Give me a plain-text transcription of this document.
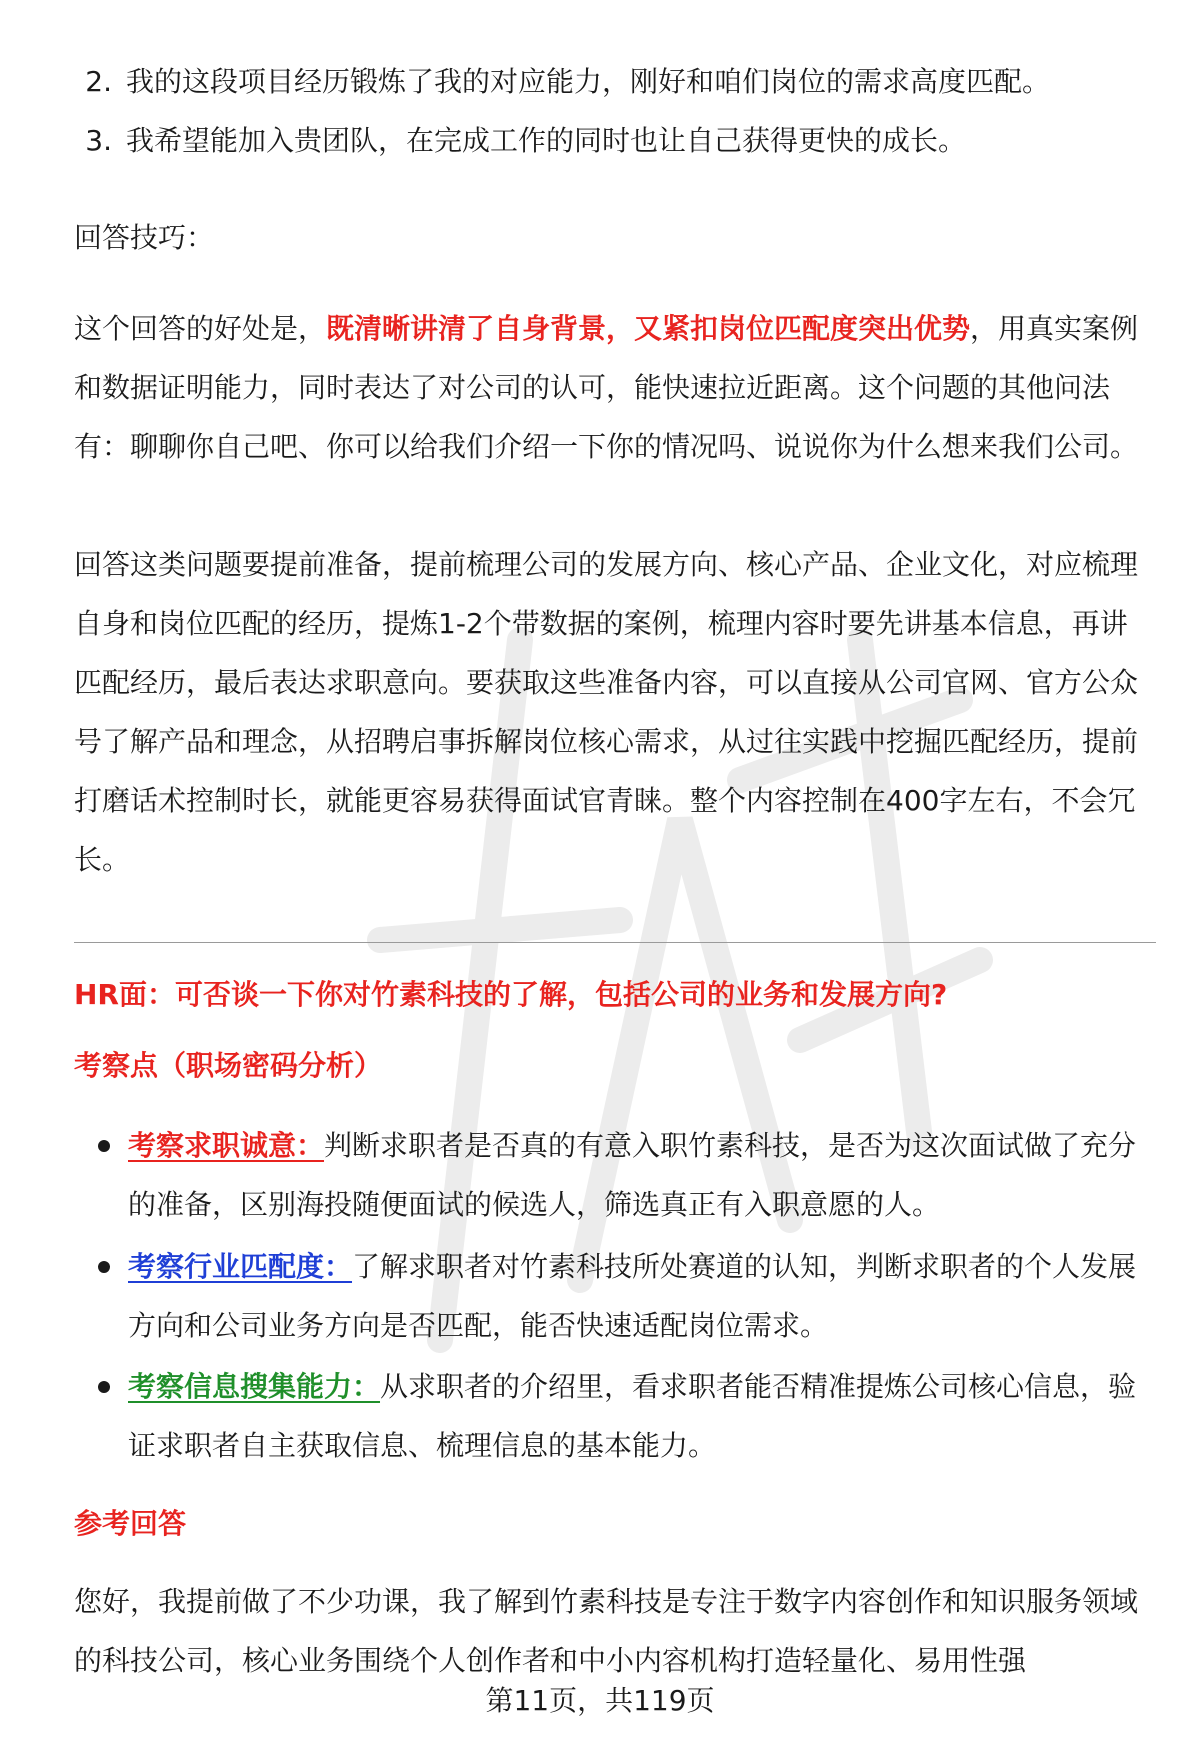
2. 我的这段项目经历锻炼了我的对应能力，刚好和咱们岗位的需求高度匹配。
3. 我希望能加入贵团队，在完成工作的同时也让自己获得更快的成长。

回答技巧：

这个回答的好处是，既清晰讲清了自身背景，又紧扣岗位匹配度突出优势，用真实案例和数据证明能力，同时表达了对公司的认可，能快速拉近距离。这个问题的其他问法有：聊聊你自己吧、你可以给我们介绍一下你的情况吗、说说你为什么想来我们公司。

回答这类问题要提前准备，提前梳理公司的发展方向、核心产品、企业文化，对应梳理自身和岗位匹配的经历，提炼1-2个带数据的案例，梳理内容时要先讲基本信息，再讲匹配经历，最后表达求职意向。要获取这些准备内容，可以直接从公司官网、官方公众号了解产品和理念，从招聘启事拆解岗位核心需求，从过往实践中挖掘匹配经历，提前打磨话术控制时长，就能更容易获得面试官青睐。整个内容控制在400字左右，不会冗长。

HR面：可否谈一下你对竹素科技的了解，包括公司的业务和发展方向?

考察点（职场密码分析）

考察求职诚意：判断求职者是否真的有意入职竹素科技，是否为这次面试做了充分的准备，区别海投随便面试的候选人，筛选真正有入职意愿的人。
考察行业匹配度：了解求职者对竹素科技所处赛道的认知，判断求职者的个人发展方向和公司业务方向是否匹配，能否快速适配岗位需求。
考察信息搜集能力：从求职者的介绍里，看求职者能否精准提炼公司核心信息，验证求职者自主获取信息、梳理信息的基本能力。

参考回答

您好，我提前做了不少功课，我了解到竹素科技是专注于数字内容创作和知识服务领域的科技公司，核心业务围绕个人创作者和中小内容机构打造轻量化、易用性强

第11页，共119页
